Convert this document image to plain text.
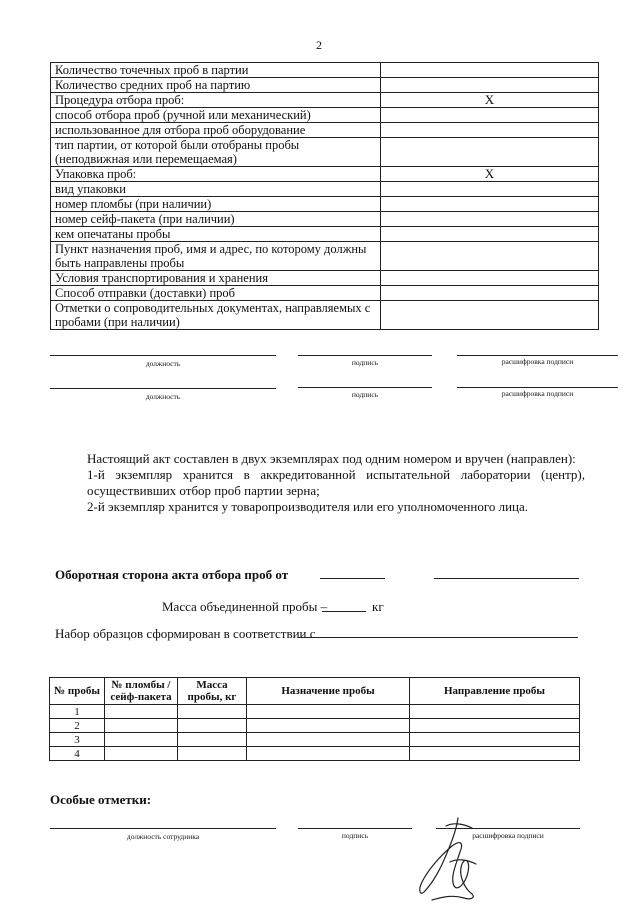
2
Количество точечных проб в партии	
Количество средних проб на партию	
Процедура отбора проб:	X
способ отбора проб (ручной или механический)	
использованное для отбора проб оборудование	
тип партии, от которой были отобраны пробы (неподвижная или перемещаемая)	
Упаковка проб:	X
вид упаковки	
номер пломбы (при наличии)	
номер сейф-пакета (при наличии)	
кем опечатаны пробы	
Пункт назначения проб, имя и адрес, по которому должны быть направлены пробы	
Условия транспортирования и хранения	
Способ отправки (доставки) проб	
Отметки о сопроводительных документах, направляемых с пробами (при наличии)	
должность	подпись	расшифровка подписи
должность	подпись	расшифровка подписи
Настоящий акт составлен в двух экземплярах под одним номером и вручен (направлен):
1-й экземпляр хранится в аккредитованной испытательной лаборатории (центр),
осуществивших отбор проб партии зерна;
2-й экземпляр хранится у товаропроизводителя или его уполномоченного лица.
Оборотная сторона акта отбора проб от
Масса объединенной пробы –	кг
Набор образцов сформирован в соответствии с
№ пробы	№ пломбы / сейф-пакета	Масса пробы, кг	Назначение пробы	Направление пробы
1				
2				
3				
4				
Особые отметки:
должность сотрудника	подпись	расшифровка подписи
